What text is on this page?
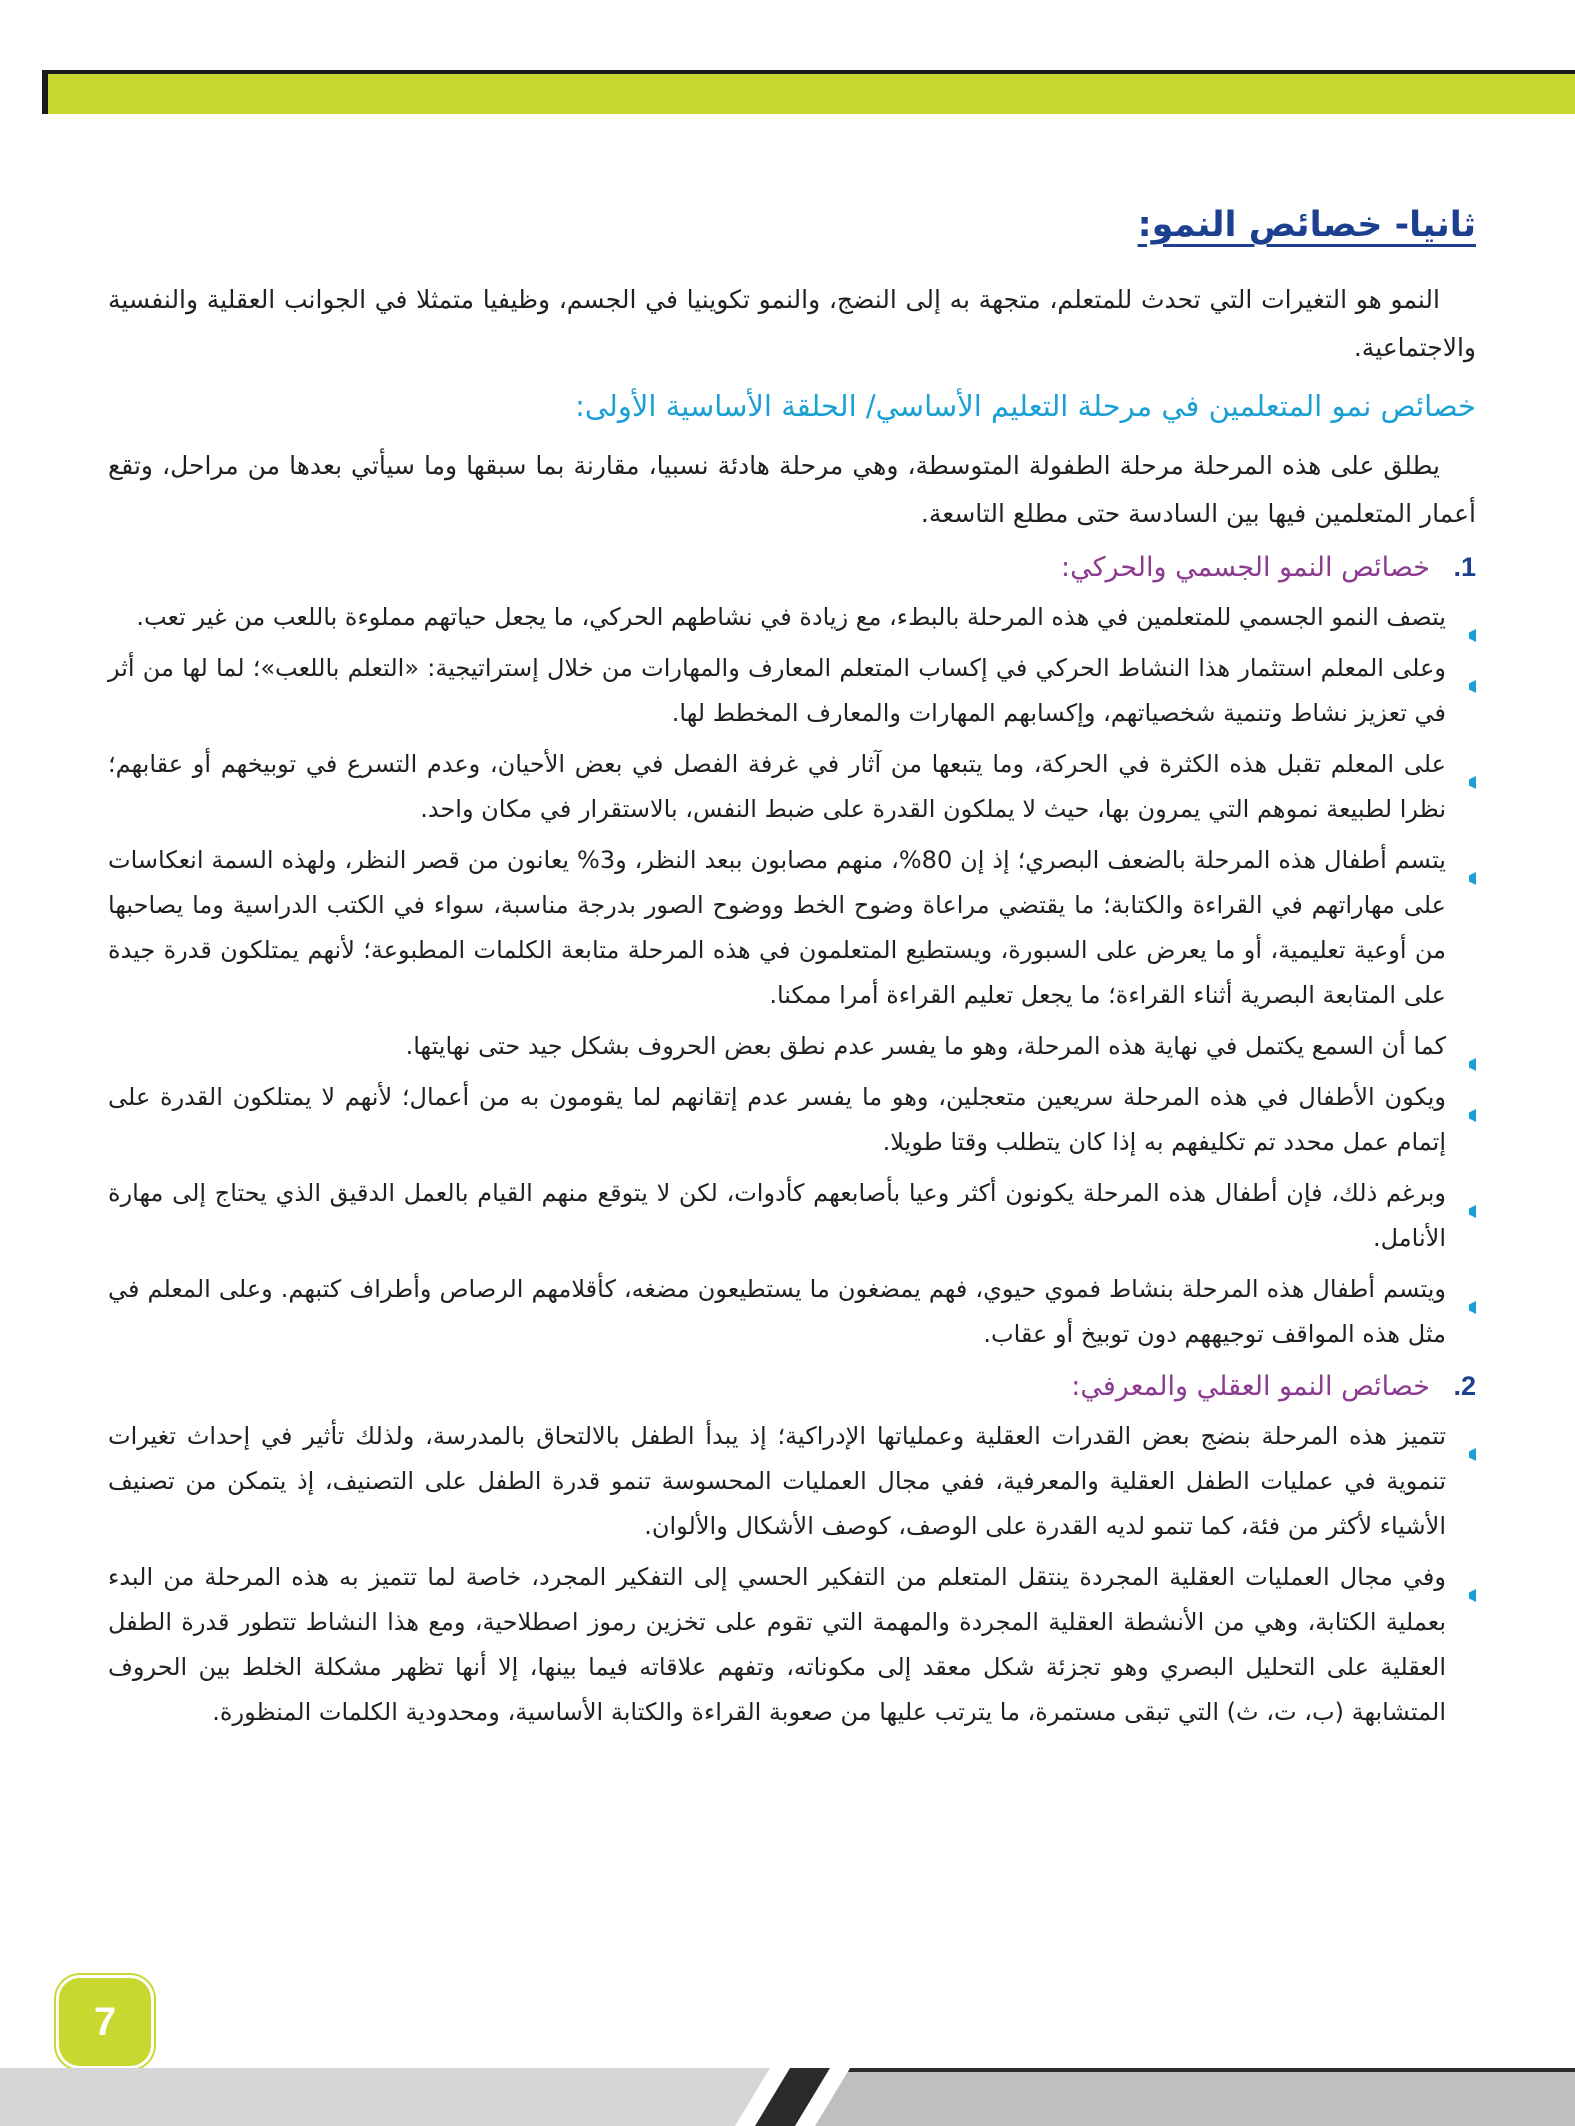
ثانيا- خصائص النمو:

النمو هو التغيرات التي تحدث للمتعلم، متجهة به إلى النضج، والنمو تكوينيا في الجسم، وظيفيا متمثلا في الجوانب العقلية والنفسية والاجتماعية.

خصائص نمو المتعلمين في مرحلة التعليم الأساسي/ الحلقة الأساسية الأولى:

يطلق على هذه المرحلة مرحلة الطفولة المتوسطة، وهي مرحلة هادئة نسبيا، مقارنة بما سبقها وما سيأتي بعدها من مراحل، وتقع أعمار المتعلمين فيها بين السادسة حتى مطلع التاسعة.

1.خصائص النمو الجسمي والحركي:
يتصف النمو الجسمي للمتعلمين في هذه المرحلة بالبطء، مع زيادة في نشاطهم الحركي، ما يجعل حياتهم مملوءة باللعب من غير تعب.
وعلى المعلم استثمار هذا النشاط الحركي في إكساب المتعلم المعارف والمهارات من خلال إستراتيجية: «التعلم باللعب»؛ لما لها من أثر في تعزيز نشاط وتنمية شخصياتهم، وإكسابهم المهارات والمعارف المخطط لها.
على المعلم تقبل هذه الكثرة في الحركة، وما يتبعها من آثار في غرفة الفصل في بعض الأحيان، وعدم التسرع في توبيخهم أو عقابهم؛ نظرا لطبيعة نموهم التي يمرون بها، حيث لا يملكون القدرة على ضبط النفس، بالاستقرار في مكان واحد.
يتسم أطفال هذه المرحلة بالضعف البصري؛ إذ إن 80%، منهم مصابون ببعد النظر، و3% يعانون من قصر النظر، ولهذه السمة انعكاسات على مهاراتهم في القراءة والكتابة؛ ما يقتضي مراعاة وضوح الخط ووضوح الصور بدرجة مناسبة، سواء في الكتب الدراسية وما يصاحبها من أوعية تعليمية، أو ما يعرض على السبورة، ويستطيع المتعلمون في هذه المرحلة متابعة الكلمات المطبوعة؛ لأنهم يمتلكون قدرة جيدة على المتابعة البصرية أثناء القراءة؛ ما يجعل تعليم القراءة أمرا ممكنا.
كما أن السمع يكتمل في نهاية هذه المرحلة، وهو ما يفسر عدم نطق بعض الحروف بشكل جيد حتى نهايتها.
ويكون الأطفال في هذه المرحلة سريعين متعجلين، وهو ما يفسر عدم إتقانهم لما يقومون به من أعمال؛ لأنهم لا يمتلكون القدرة على إتمام عمل محدد تم تكليفهم به إذا كان يتطلب وقتا طويلا.
وبرغم ذلك، فإن أطفال هذه المرحلة يكونون أكثر وعيا بأصابعهم كأدوات، لكن لا يتوقع منهم القيام بالعمل الدقيق الذي يحتاج إلى مهارة الأنامل.
ويتسم أطفال هذه المرحلة بنشاط فموي حيوي، فهم يمضغون ما يستطيعون مضغه، كأقلامهم الرصاص وأطراف كتبهم. وعلى المعلم في مثل هذه المواقف توجيههم دون توبيخ أو عقاب.
2.خصائص النمو العقلي والمعرفي:
تتميز هذه المرحلة بنضج بعض القدرات العقلية وعملياتها الإدراكية؛ إذ يبدأ الطفل بالالتحاق بالمدرسة، ولذلك تأثير في إحداث تغيرات تنموية في عمليات الطفل العقلية والمعرفية، ففي مجال العمليات المحسوسة تنمو قدرة الطفل على التصنيف، إذ يتمكن من تصنيف الأشياء لأكثر من فئة، كما تنمو لديه القدرة على الوصف، كوصف الأشكال والألوان.
وفي مجال العمليات العقلية المجردة ينتقل المتعلم من التفكير الحسي إلى التفكير المجرد، خاصة لما تتميز به هذه المرحلة من البدء بعملية الكتابة، وهي من الأنشطة العقلية المجردة والمهمة التي تقوم على تخزين رموز اصطلاحية، ومع هذا النشاط تتطور قدرة الطفل العقلية على التحليل البصري وهو تجزئة شكل معقد إلى مكوناته، وتفهم علاقاته فيما بينها، إلا أنها تظهر مشكلة الخلط بين الحروف المتشابهة (ب، ت، ث) التي تبقى مستمرة، ما يترتب عليها من صعوبة القراءة والكتابة الأساسية، ومحدودية الكلمات المنظورة.
7
